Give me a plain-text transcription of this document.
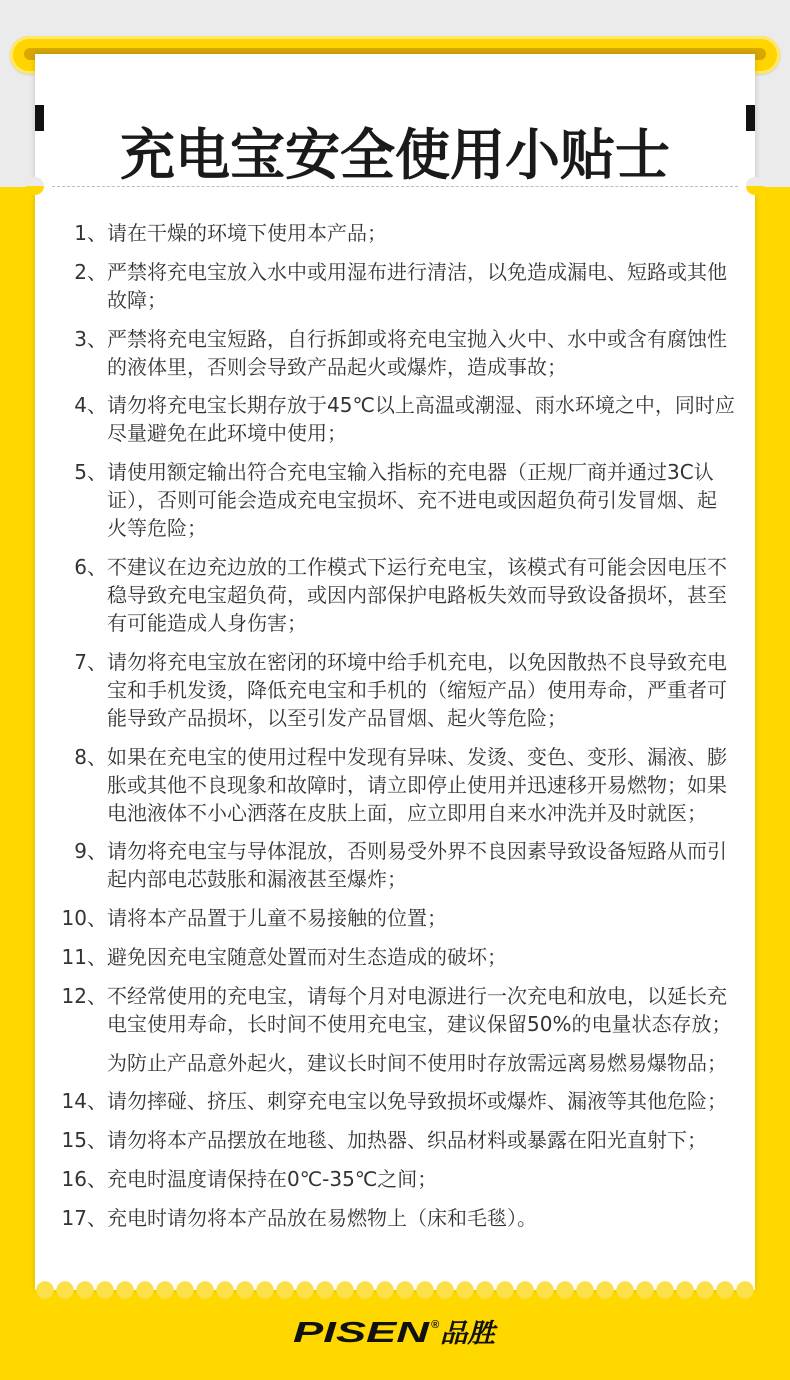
充电宝安全使用小贴士
1、 请在干燥的环境下使用本产品；
2、 严禁将充电宝放入水中或用湿布进行清洁，以免造成漏电、短路或其他
故障；
3、 严禁将充电宝短路，自行拆卸或将充电宝抛入火中、水中或含有腐蚀性
的液体里，否则会导致产品起火或爆炸，造成事故；
4、 请勿将充电宝长期存放于45℃以上高温或潮湿、雨水环境之中，同时应
尽量避免在此环境中使用；
5、 请使用额定输出符合充电宝输入指标的充电器（正规厂商并通过3C认
证），否则可能会造成充电宝损坏、充不进电或因超负荷引发冒烟、起
火等危险；
6、 不建议在边充边放的工作模式下运行充电宝，该模式有可能会因电压不
稳导致充电宝超负荷，或因内部保护电路板失效而导致设备损坏，甚至
有可能造成人身伤害；
7、 请勿将充电宝放在密闭的环境中给手机充电，以免因散热不良导致充电
宝和手机发烫，降低充电宝和手机的（缩短产品）使用寿命，严重者可
能导致产品损坏，以至引发产品冒烟、起火等危险；
8、 如果在充电宝的使用过程中发现有异味、发烫、变色、变形、漏液、膨
胀或其他不良现象和故障时，请立即停止使用并迅速移开易燃物；如果
电池液体不小心洒落在皮肤上面，应立即用自来水冲洗并及时就医；
9、 请勿将充电宝与导体混放，否则易受外界不良因素导致设备短路从而引
起内部电芯鼓胀和漏液甚至爆炸；
10、 请将本产品置于儿童不易接触的位置；
11、 避免因充电宝随意处置而对生态造成的破坏；
12、 不经常使用的充电宝，请每个月对电源进行一次充电和放电，以延长充
电宝使用寿命，长时间不使用充电宝，建议保留50%的电量状态存放；
为防止产品意外起火，建议长时间不使用时存放需远离易燃易爆物品；
14、 请勿摔碰、挤压、刺穿充电宝以免导致损坏或爆炸、漏液等其他危险；
15、 请勿将本产品摆放在地毯、加热器、织品材料或暴露在阳光直射下；
16、 充电时温度请保持在0℃-35℃之间；
17、 充电时请勿将本产品放在易燃物上（床和毛毯）。
PISEN ® 品胜
